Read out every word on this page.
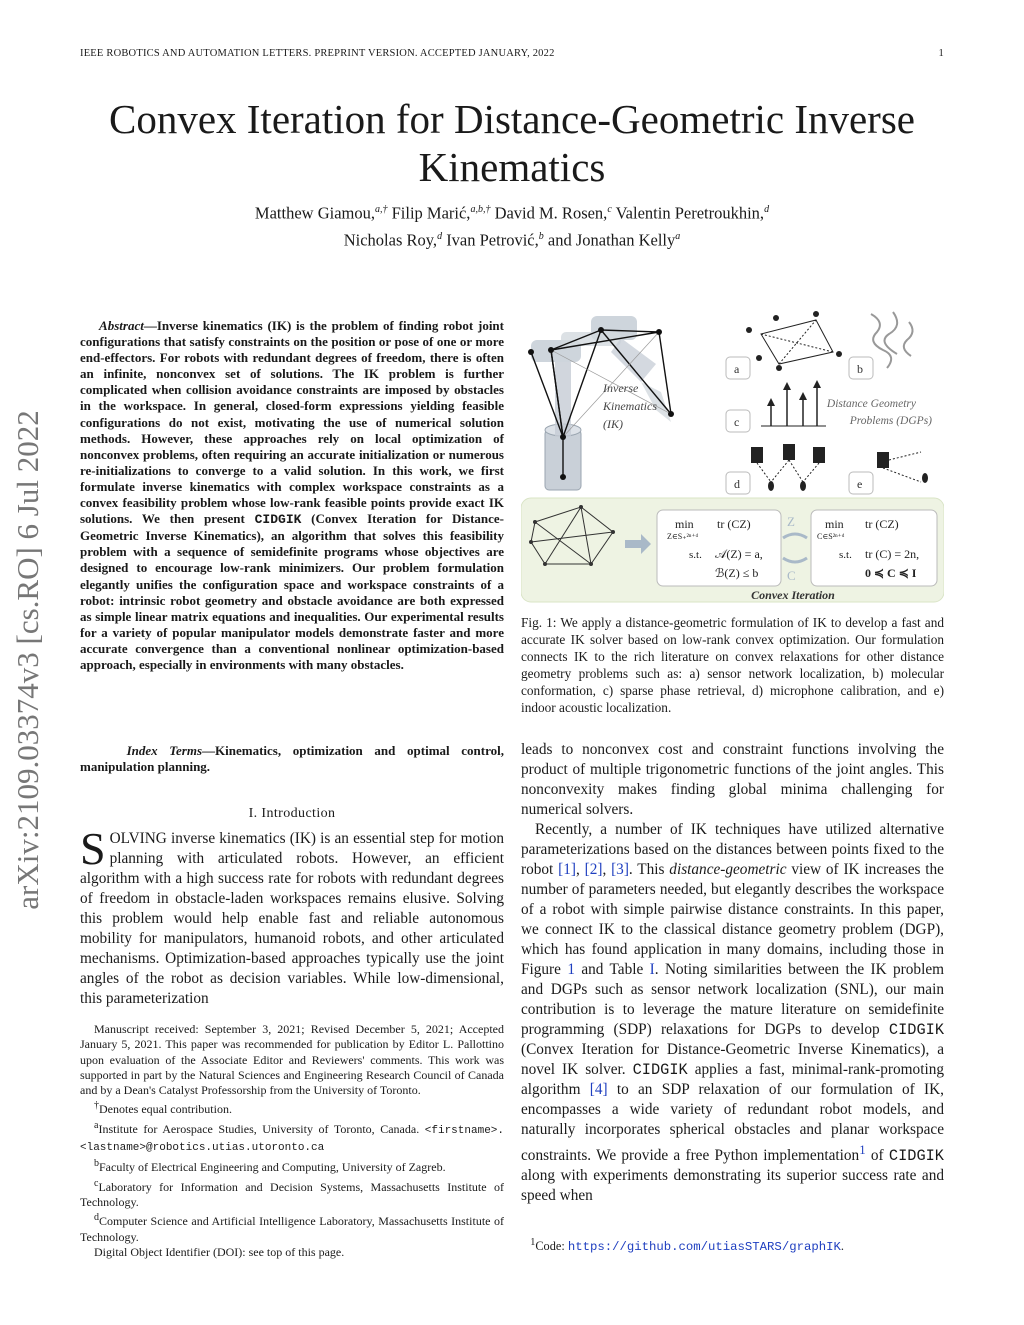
IEEE ROBOTICS AND AUTOMATION LETTERS. PREPRINT VERSION. ACCEPTED JANUARY, 2022	1
Convex Iteration for Distance-Geometric Inverse Kinematics
Matthew Giamou,$^{a,\dagger}$ Filip Marić,$^{a,b,\dagger}$ David M. Rosen,$^c$ Valentin Peretroukhin,$^d$
Nicholas Roy,$^d$ Ivan Petrović,$^b$ and Jonathan Kelly$^a$
arXiv:2109.03374v3 [cs.RO] 6 Jul 2022
Abstract—Inverse kinematics (IK) is the problem of finding robot joint configurations that satisfy constraints on the position or pose of one or more end-effectors. For robots with redundant degrees of freedom, there is often an infinite, nonconvex set of solutions. The IK problem is further complicated when collision avoidance constraints are imposed by obstacles in the workspace. In general, closed-form expressions yielding feasible configurations do not exist, motivating the use of numerical solution methods. However, these approaches rely on local optimization of nonconvex problems, often requiring an accurate initialization or numerous re-initializations to converge to a valid solution. In this work, we first formulate inverse kinematics with complex workspace constraints as a convex feasibility problem whose low-rank feasible points provide exact IK solutions. We then present CIDGIK (Convex Iteration for Distance-Geometric Inverse Kinematics), an algorithm that solves this feasibility problem with a sequence of semidefinite programs whose objectives are designed to encourage low-rank minimizers. Our problem formulation elegantly unifies the configuration space and workspace constraints of a robot: intrinsic robot geometry and obstacle avoidance are both expressed as simple linear matrix equations and inequalities. Our experimental results for a variety of popular manipulator models demonstrate faster and more accurate convergence than a conventional nonlinear optimization-based approach, especially in environments with many obstacles.
Index Terms—Kinematics, optimization and optimal control, manipulation planning.
I. Introduction
SOLVING inverse kinematics (IK) is an essential step for motion planning with articulated robots. However, an efficient algorithm with a high success rate for robots with redundant degrees of freedom in obstacle-laden workspaces remains elusive. Solving this problem would help enable fast and reliable autonomous mobility for manipulators, humanoid robots, and other articulated mechanisms. Optimization-based approaches typically use the joint angles of the robot as decision variables. While low-dimensional, this parameterization

Manuscript received: September 3, 2021; Revised December 5, 2021; Accepted January 5, 2021. This paper was recommended for publication by Editor L. Pallottino upon evaluation of the Associate Editor and Reviewers' comments. This work was supported in part by the Natural Sciences and Engineering Research Council of Canada and by a Dean's Catalyst Professorship from the University of Toronto.

†Denotes equal contribution.

$^a$Institute for Aerospace Studies, University of Toronto, Canada. <firstname>.<lastname>@robotics.utias.utoronto.ca

$^b$Faculty of Electrical Engineering and Computing, University of Zagreb.

$^c$Laboratory for Information and Decision Systems, Massachusetts Institute of Technology.

$^d$Computer Science and Artificial Intelligence Laboratory, Massachusetts Institute of Technology.

Digital Object Identifier (DOI): see top of this page.

Inverse
Kinematics
(IK)
a	b
c
Distance Geometry
Problems (DGPs)
d	e
min
Z∈S₊²ⁿ⁺ᵈ
tr (CZ)
s.t. 𝒜(Z) = a,
ℬ(Z) ≤ b
Z
C
min
C∈S²ⁿ⁺ᵈ
tr (CZ)
s.t. tr (C) = 2n,
0 ≼ C ≼ I
Convex Iteration
Fig. 1: We apply a distance-geometric formulation of IK to develop a fast and accurate IK solver based on low-rank convex optimization. Our formulation connects IK to the rich literature on convex relaxations for other distance geometry problems such as: a) sensor network localization, b) molecular conformation, c) sparse phase retrieval, d) microphone calibration, and e) indoor acoustic localization.

leads to nonconvex cost and constraint functions involving the product of multiple trigonometric functions of the joint angles. This nonconvexity makes finding global minima challenging for numerical solvers.

Recently, a number of IK techniques have utilized alternative parameterizations based on the distances between points fixed to the robot [1], [2], [3]. This distance-geometric view of IK increases the number of parameters needed, but elegantly describes the workspace of a robot with simple pairwise distance constraints. In this paper, we connect IK to the classical distance geometry problem (DGP), which has found application in many domains, including those in Figure 1 and Table I. Noting similarities between the IK problem and DGPs such as sensor network localization (SNL), our main contribution is to leverage the mature literature on semidefinite programming (SDP) relaxations for DGPs to develop CIDGIK (Convex Iteration for Distance-Geometric Inverse Kinematics), a novel IK solver. CIDGIK applies a fast, minimal-rank-promoting algorithm [4] to an SDP relaxation of our formulation of IK, encompasses a wide variety of redundant robot models, and naturally incorporates spherical obstacles and planar workspace constraints. We provide a free Python implementation$^1$ of CIDGIK along with experiments demonstrating its superior success rate and speed when

$^1$Code: https://github.com/utiasSTARS/graphIK.
